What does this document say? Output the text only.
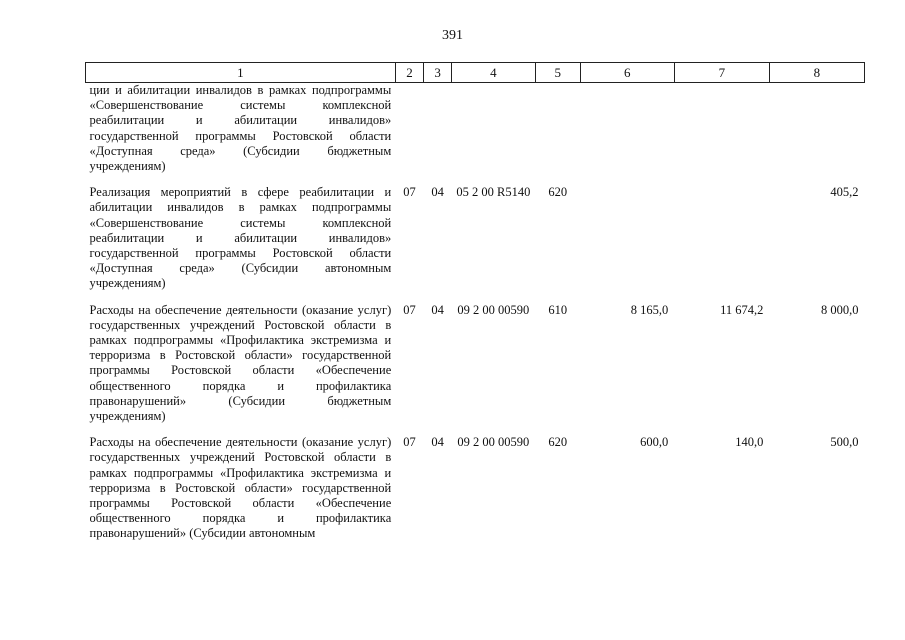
391
1	2	3	4	5	6	7	8
ции и абилитации инвалидов в рамках подпрограммы «Совершенствование системы комплексной реабилитации и абилитации инвалидов» государственной программы Ростовской области «Доступная среда» (Субсидии бюджетным учреждениям)							
Реализация мероприятий в сфере реабилитации и абилитации инвалидов в рамках подпрограммы «Совершенствование системы комплексной реабилитации и абилитации инвалидов» государственной программы Ростовской области «Доступная среда» (Субсидии автономным учреждениям)	07	04	05 2 00 R5140	620			405,2
Расходы на обеспечение деятельности (оказание услуг) государственных учреждений Ростовской области в рамках подпрограммы «Профилактика экстремизма и терроризма в Ростовской области» государственной программы Ростовской области «Обеспечение общественного порядка и профилактика правонарушений» (Субсидии бюджетным учреждениям)	07	04	09 2 00 00590	610	8 165,0	11 674,2	8 000,0
Расходы на обеспечение деятельности (оказание услуг) государственных учреждений Ростовской области в рамках подпрограммы «Профилактика экстремизма и терроризма в Ростовской области» государственной программы Ростовской области «Обеспечение общественного порядка и профилактика правонарушений» (Субсидии автономным	07	04	09 2 00 00590	620	600,0	140,0	500,0
